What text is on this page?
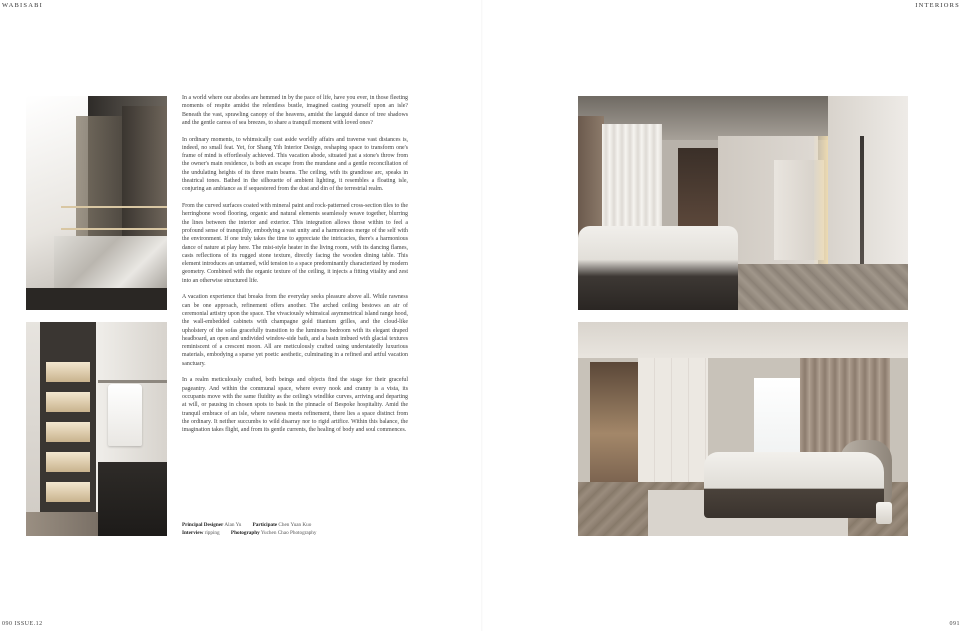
WABISABI	INTERIORS

In a world where our abodes are hemmed in by the pace of life, have you ever, in those fleeting moments of respite amidst the relentless bustle, imagined casting yourself upon an isle? Beneath the vast, sprawling canopy of the heavens, amidst the languid dance of tree shadows and the gentle caress of sea breezes, to share a tranquil moment with loved ones?

In ordinary moments, to whimsically cast aside worldly affairs and traverse vast distances is, indeed, no small feat. Yet, for Shang Yih Interior Design, reshaping space to transform one's frame of mind is effortlessly achieved. This vacation abode, situated just a stone's throw from the owner's main residence, is both an escape from the mundane and a gentle reconciliation of the undulating heights of its three main beams. The ceiling, with its grandiose arc, speaks in theatrical tones. Bathed in the silhouette of ambient lighting, it resembles a floating isle, conjuring an ambiance as if sequestered from the dust and din of the terrestrial realm.

From the curved surfaces coated with mineral paint and rock-patterned cross-section tiles to the herringbone wood flooring, organic and natural elements seamlessly weave together, blurring the lines between the interior and exterior. This integration allows those within to feel a profound sense of tranquility, embodying a vast unity and a harmonious merge of the self with the environment. If one truly takes the time to appreciate the intricacies, there's a harmonious dance of nature at play here. The mist-style heater in the living room, with its dancing flames, casts reflections of its rugged stone texture, directly facing the wooden dining table. This element introduces an untamed, wild tension to a space predominantly characterized by modern geometry. Combined with the organic texture of the ceiling, it injects a fitting vitality and zest into an otherwise structured life.

A vacation experience that breaks from the everyday seeks pleasure above all. While rawness can be one approach, refinement offers another. The arched ceiling bestows an air of ceremonial artistry upon the space. The vivaciously whimsical asymmetrical island range hood, the wall-embedded cabinets with champagne gold titanium grilles, and the cloud-like upholstery of the sofas gracefully transition to the luminous bedroom with its elegant draped headboard, an open and undivided window-side bath, and a basin imbued with glacial textures reminiscent of a crescent moon. All are meticulously crafted using understatedly luxurious materials, embodying a sparse yet poetic aesthetic, culminating in a refined and artful vacation sanctuary.

In a realm meticulously crafted, both beings and objects find the stage for their graceful pageantry. And within the communal space, where every nook and cranny is a vista, its occupants move with the same fluidity as the ceiling's windlike curves, arriving and departing at will, or pausing in chosen spots to bask in the pinnacle of Bespoke hospitality. Amid the tranquil embrace of an isle, where rawness meets refinement, there lies a space distinct from the ordinary. It neither succumbs to wild disarray nor to rigid artifice. Within this balance, the imagination takes flight, and from its gentle currents, the healing of body and soul commences.

Principal Designer Alan Yu Participate Chen Yuan Kuo
Interview ripping Photography Yuchen Chao Photography
090 ISSUE.12	091
